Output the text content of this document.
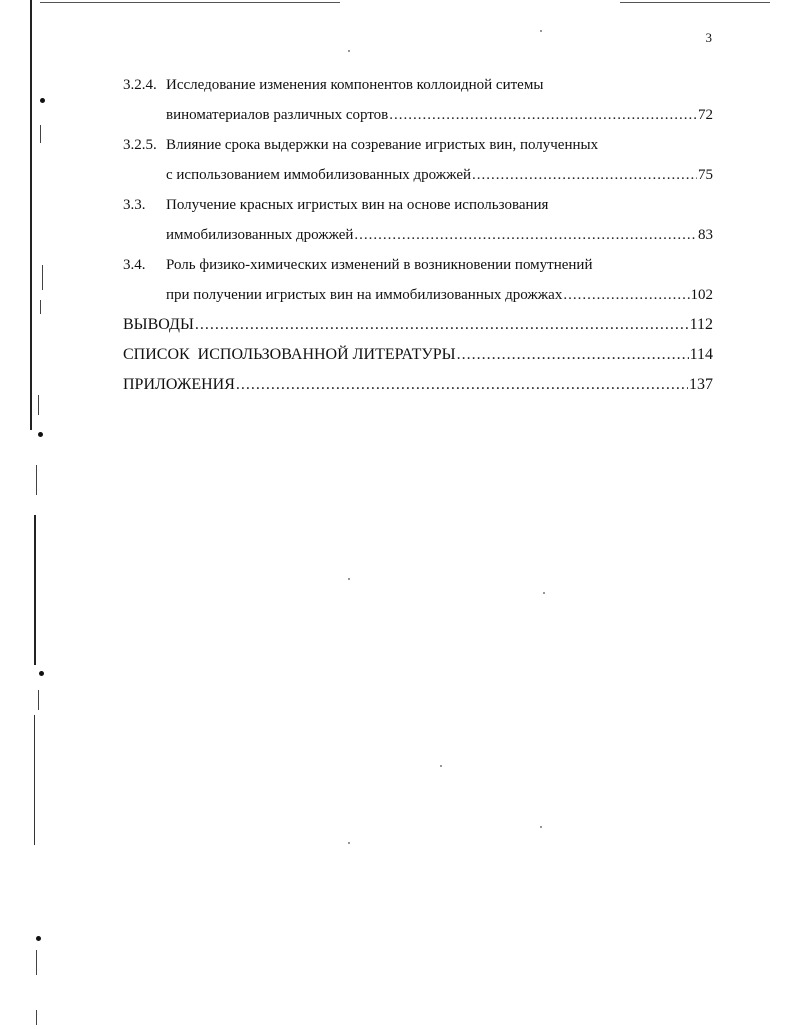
3
3.2.4. Исследование изменения компонентов коллоидной ситемы
виноматериалов различных сортов .....	72
3.2.5. Влияние срока выдержки на созревание игристых вин, полученных
с использованием иммобилизованных дрожжей .....	75
3.3. Получение красных игристых вин на основе использования
иммобилизованных дрожжей .....	83
3.4. Роль физико-химических изменений в возникновении помутнений
при получении игристых вин на иммобилизованных дрожжах .....	102
ВЫВОДЫ .....	112
СПИСОК  ИСПОЛЬЗОВАННОЙ ЛИТЕРАТУРЫ .....	114
ПРИЛОЖЕНИЯ .....	137
